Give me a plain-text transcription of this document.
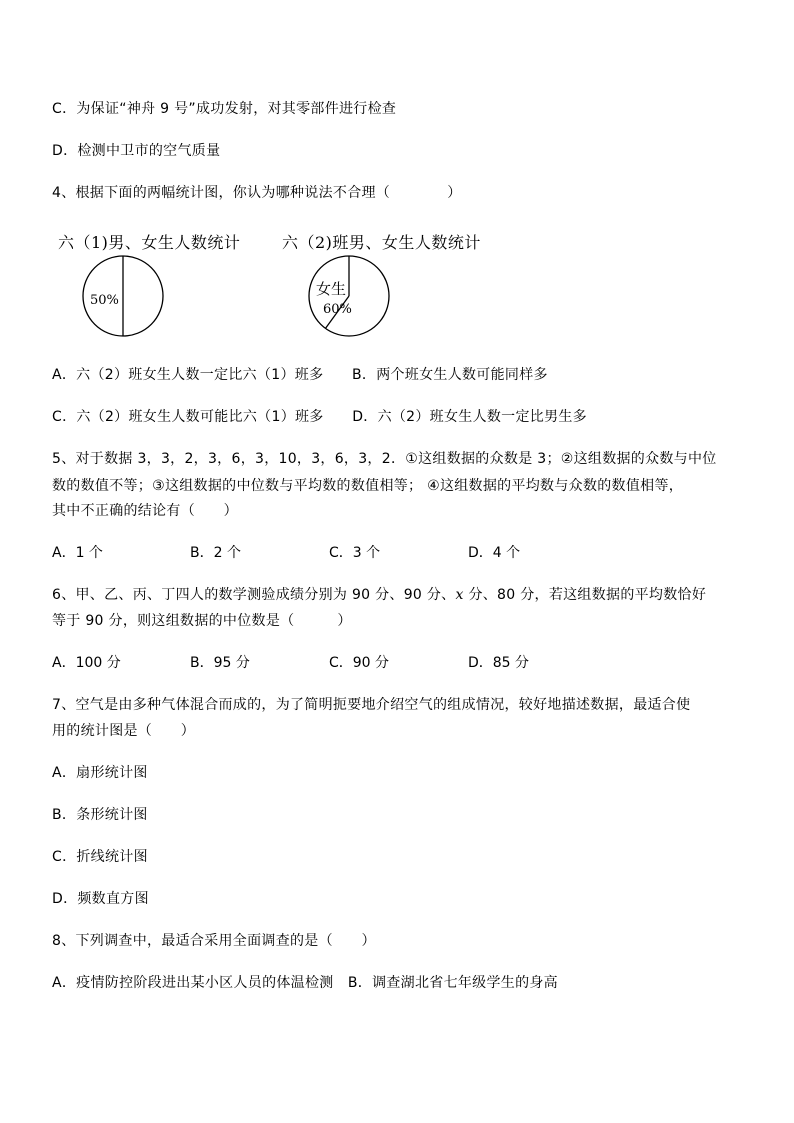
C．为保证“神舟 9 号”成功发射，对其零部件进行检查
D．检测中卫市的空气质量
4、根据下面的两幅统计图，你认为哪种说法不合理（　　　　）
六（1)男、女生人数统计
50%
六（2)班男、女生人数统计
女生
60%
A．六（2）班女生人数一定比六（1）班多　　B．两个班女生人数可能同样多
C．六（2）班女生人数可能比六（1）班多　　D．六（2）班女生人数一定比男生多
5、对于数据 3，3，2，3，6，3，10，3，6，3，2．①这组数据的众数是 3；②这组数据的众数与中位
数的数值不等；③这组数据的中位数与平均数的数值相等； ④这组数据的平均数与众数的数值相等，
其中不正确的结论有（　　）
A．1 个	B．2 个	C．3 个	D．4 个
6、甲、乙、丙、丁四人的数学测验成绩分别为 90 分、90 分、x 分、80 分，若这组数据的平均数恰好
等于 90 分，则这组数据的中位数是（　　　）
A．100 分	B．95 分	C．90 分	D．85 分
7、空气是由多种气体混合而成的，为了简明扼要地介绍空气的组成情况，较好地描述数据，最适合使
用的统计图是（　　）
A．扇形统计图
B．条形统计图
C．折线统计图
D．频数直方图
8、下列调查中，最适合采用全面调查的是（　　）
A．疫情防控阶段进出某小区人员的体温检测　B．调查湖北省七年级学生的身高
